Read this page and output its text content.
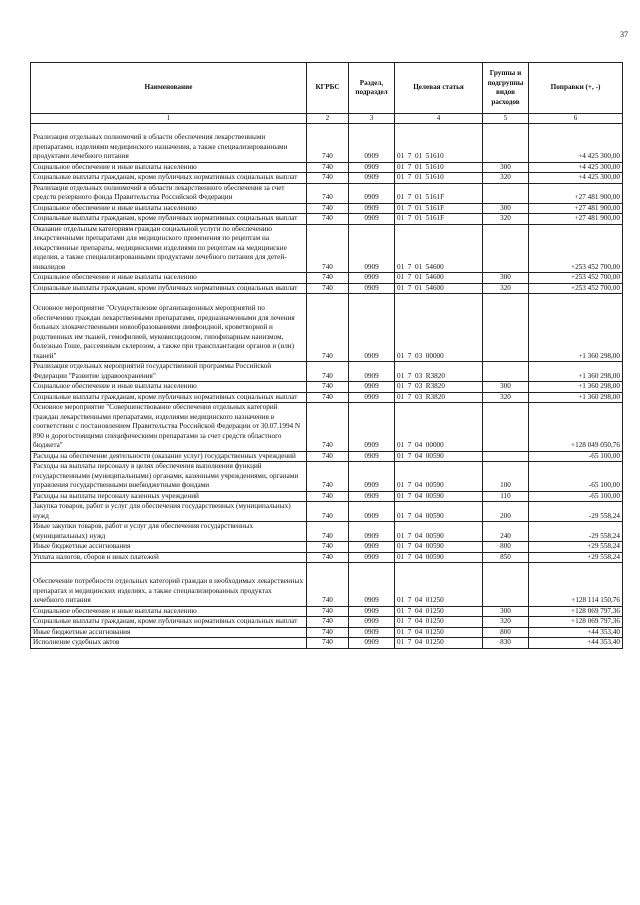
37
Наименование	КГРБС	Раздел, подраздел	Целевая статья	Группы и подгруппы видов расходов	Поправки (+, -)
1	2	3	4	5	6
Реализация отдельных полномочий в области обеспечения лекарственными препаратами, изделиями медицинского назначения, а также специализированными продуктами лечебного питания	740	0909	01  7  01  51610		+4 425 300,00
Социальное обеспечение и иные выплаты населению	740	0909	01  7  01  51610	300	+4 425 300,00
Социальные выплаты гражданам, кроме публичных нормативных социальных выплат	740	0909	01  7  01  51610	320	+4 425 300,00
Реализация отдельных полномочий в области лекарственного обеспечения за счет средств резервного фонда Правительства Российской Федерации	740	0909	01  7  01  5161F		+27 481 900,00
Социальное обеспечение и иные выплаты населению	740	0909	01  7  01  5161F	300	+27 481 900,00
Социальные выплаты гражданам, кроме публичных нормативных социальных выплат	740	0909	01  7  01  5161F	320	+27 481 900,00
Оказание отдельным категориям граждан социальной услуги по обеспечению лекарственными препаратами для медицинского применения по рецептам на лекарственные препараты, медицинскими изделиями по рецептам на медицинские изделия, а также специализированными продуктами лечебного питания для детей-инвалидов	740	0909	01  7  01  54600		+253 452 700,00
Социальное обеспечение и иные выплаты населению	740	0909	01  7  01  54600	300	+253 452 700,00
Социальные выплаты гражданам, кроме публичных нормативных социальных выплат	740	0909	01  7  01  54600	320	+253 452 700,00
Основное мероприятие "Осуществление организационных мероприятий по обеспечению граждан лекарственными препаратами, предназначенными для лечения больных злокачественными новообразованиями лимфоидной, кроветворной и родственных им тканей, гемофилией, муковисцидозом, гипофизарным нанизмом, болезнью Гоше, рассеянным склерозом, а также при трансплантации органов и (или) тканей"	740	0909	01  7  03  00000		+1 360 298,00
Реализация отдельных мероприятий государственной программы Российской Федерации "Развитие здравоохранения"	740	0909	01  7  03  R3820		+1 360 298,00
Социальное обеспечение и иные выплаты населению	740	0909	01  7  03  R3820	300	+1 360 298,00
Социальные выплаты гражданам, кроме публичных нормативных социальных выплат	740	0909	01  7  03  R3820	320	+1 360 298,00
Основное мероприятие "Совершенствование обеспечения отдельных категорий граждан лекарственными препаратами, изделиями медицинского назначения в соответствии с постановлением Правительства Российской Федерации от 30.07.1994 N 890 и дорогостоящими специфическими препаратами за счет средств областного бюджета"	740	0909	01  7  04  00000		+128 049 050,76
Расходы на обеспечение деятельности (оказание услуг) государственных учреждений	740	0909	01  7  04  00590		-65 100,00
Расходы на выплаты персоналу в целях обеспечения выполнения функций государственными (муниципальными) органами, казенными учреждениями, органами управления государственными внебюджетными фондами	740	0909	01  7  04  00590	100	-65 100,00
Расходы на выплаты персоналу казенных учреждений	740	0909	01  7  04  00590	110	-65 100,00
Закупка товаров, работ и услуг для обеспечения государственных (муниципальных) нужд	740	0909	01  7  04  00590	200	-29 558,24
Иные закупки товаров, работ и услуг для обеспечения государственных (муниципальных) нужд	740	0909	01  7  04  00590	240	-29 558,24
Иные бюджетные ассигнования	740	0909	01  7  04  00590	800	+29 558,24
Уплата налогов, сборов и иных платежей	740	0909	01  7  04  00590	850	+29 558,24
Обеспечение потребности отдельных категорий граждан в необходимых лекарственных препаратах и медицинских изделиях, а также специализированных продуктах лечебного питания	740	0909	01  7  04  01250		+128 114 150,76
Социальное обеспечение и иные выплаты населению	740	0909	01  7  04  01250	300	+128 069 797,36
Социальные выплаты гражданам, кроме публичных нормативных социальных выплат	740	0909	01  7  04  01250	320	+128 069 797,36
Иные бюджетные ассигнования	740	0909	01  7  04  01250	800	+44 353,40
Исполнение судебных актов	740	0909	01  7  04  01250	830	+44 353,40
